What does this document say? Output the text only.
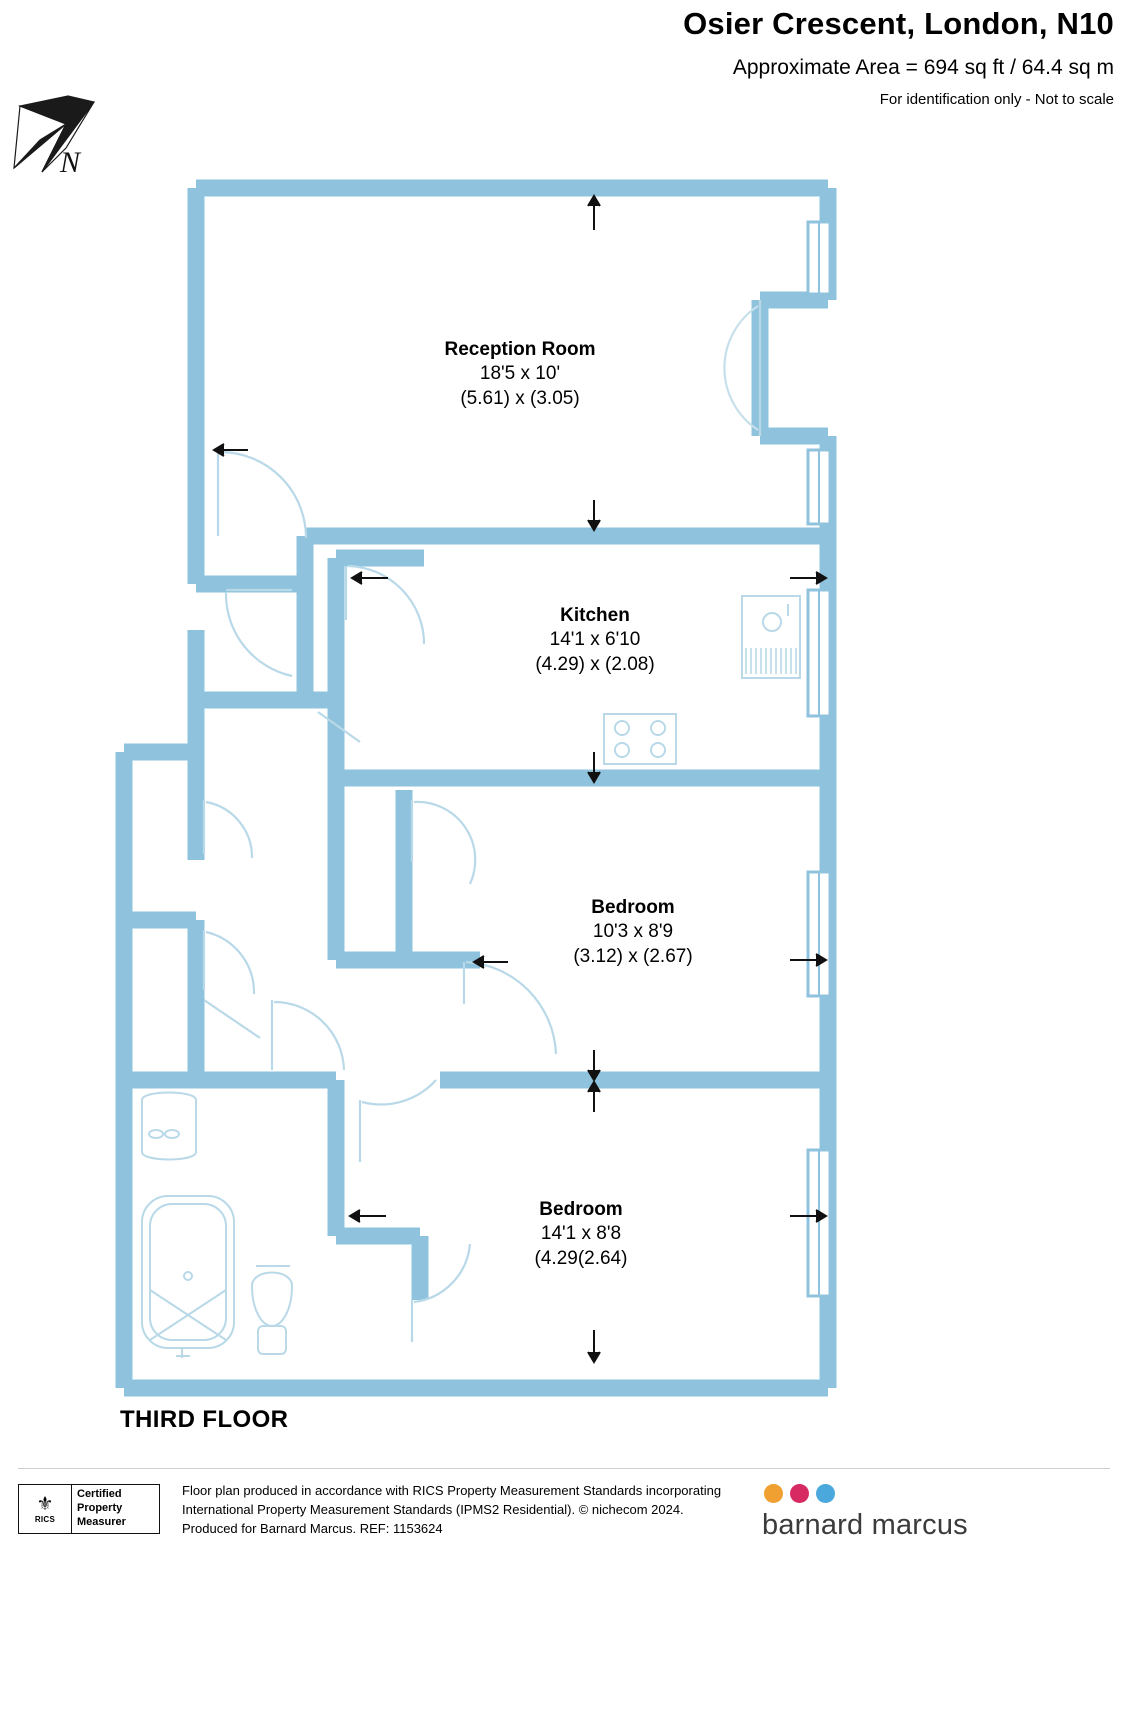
Osier Crescent, London, N10
Approximate Area = 694 sq ft / 64.4 sq m
For identification only - Not to scale
N
Reception Room
18'5 x 10'
(5.61) x (3.05)
Kitchen
14'1 x 6'10
(4.29) x (2.08)
Bedroom
10'3 x 8'9
(3.12) x (2.67)
Bedroom
14'1 x 8'8
(4.29(2.64)
THIRD FLOOR
⚜
RICS
Certified
Property
Measurer
Floor plan produced in accordance with RICS Property Measurement Standards incorporating
International Property Measurement Standards (IPMS2 Residential). © nichecom 2024.
Produced for Barnard Marcus. REF: 1153624	barnard marcus
